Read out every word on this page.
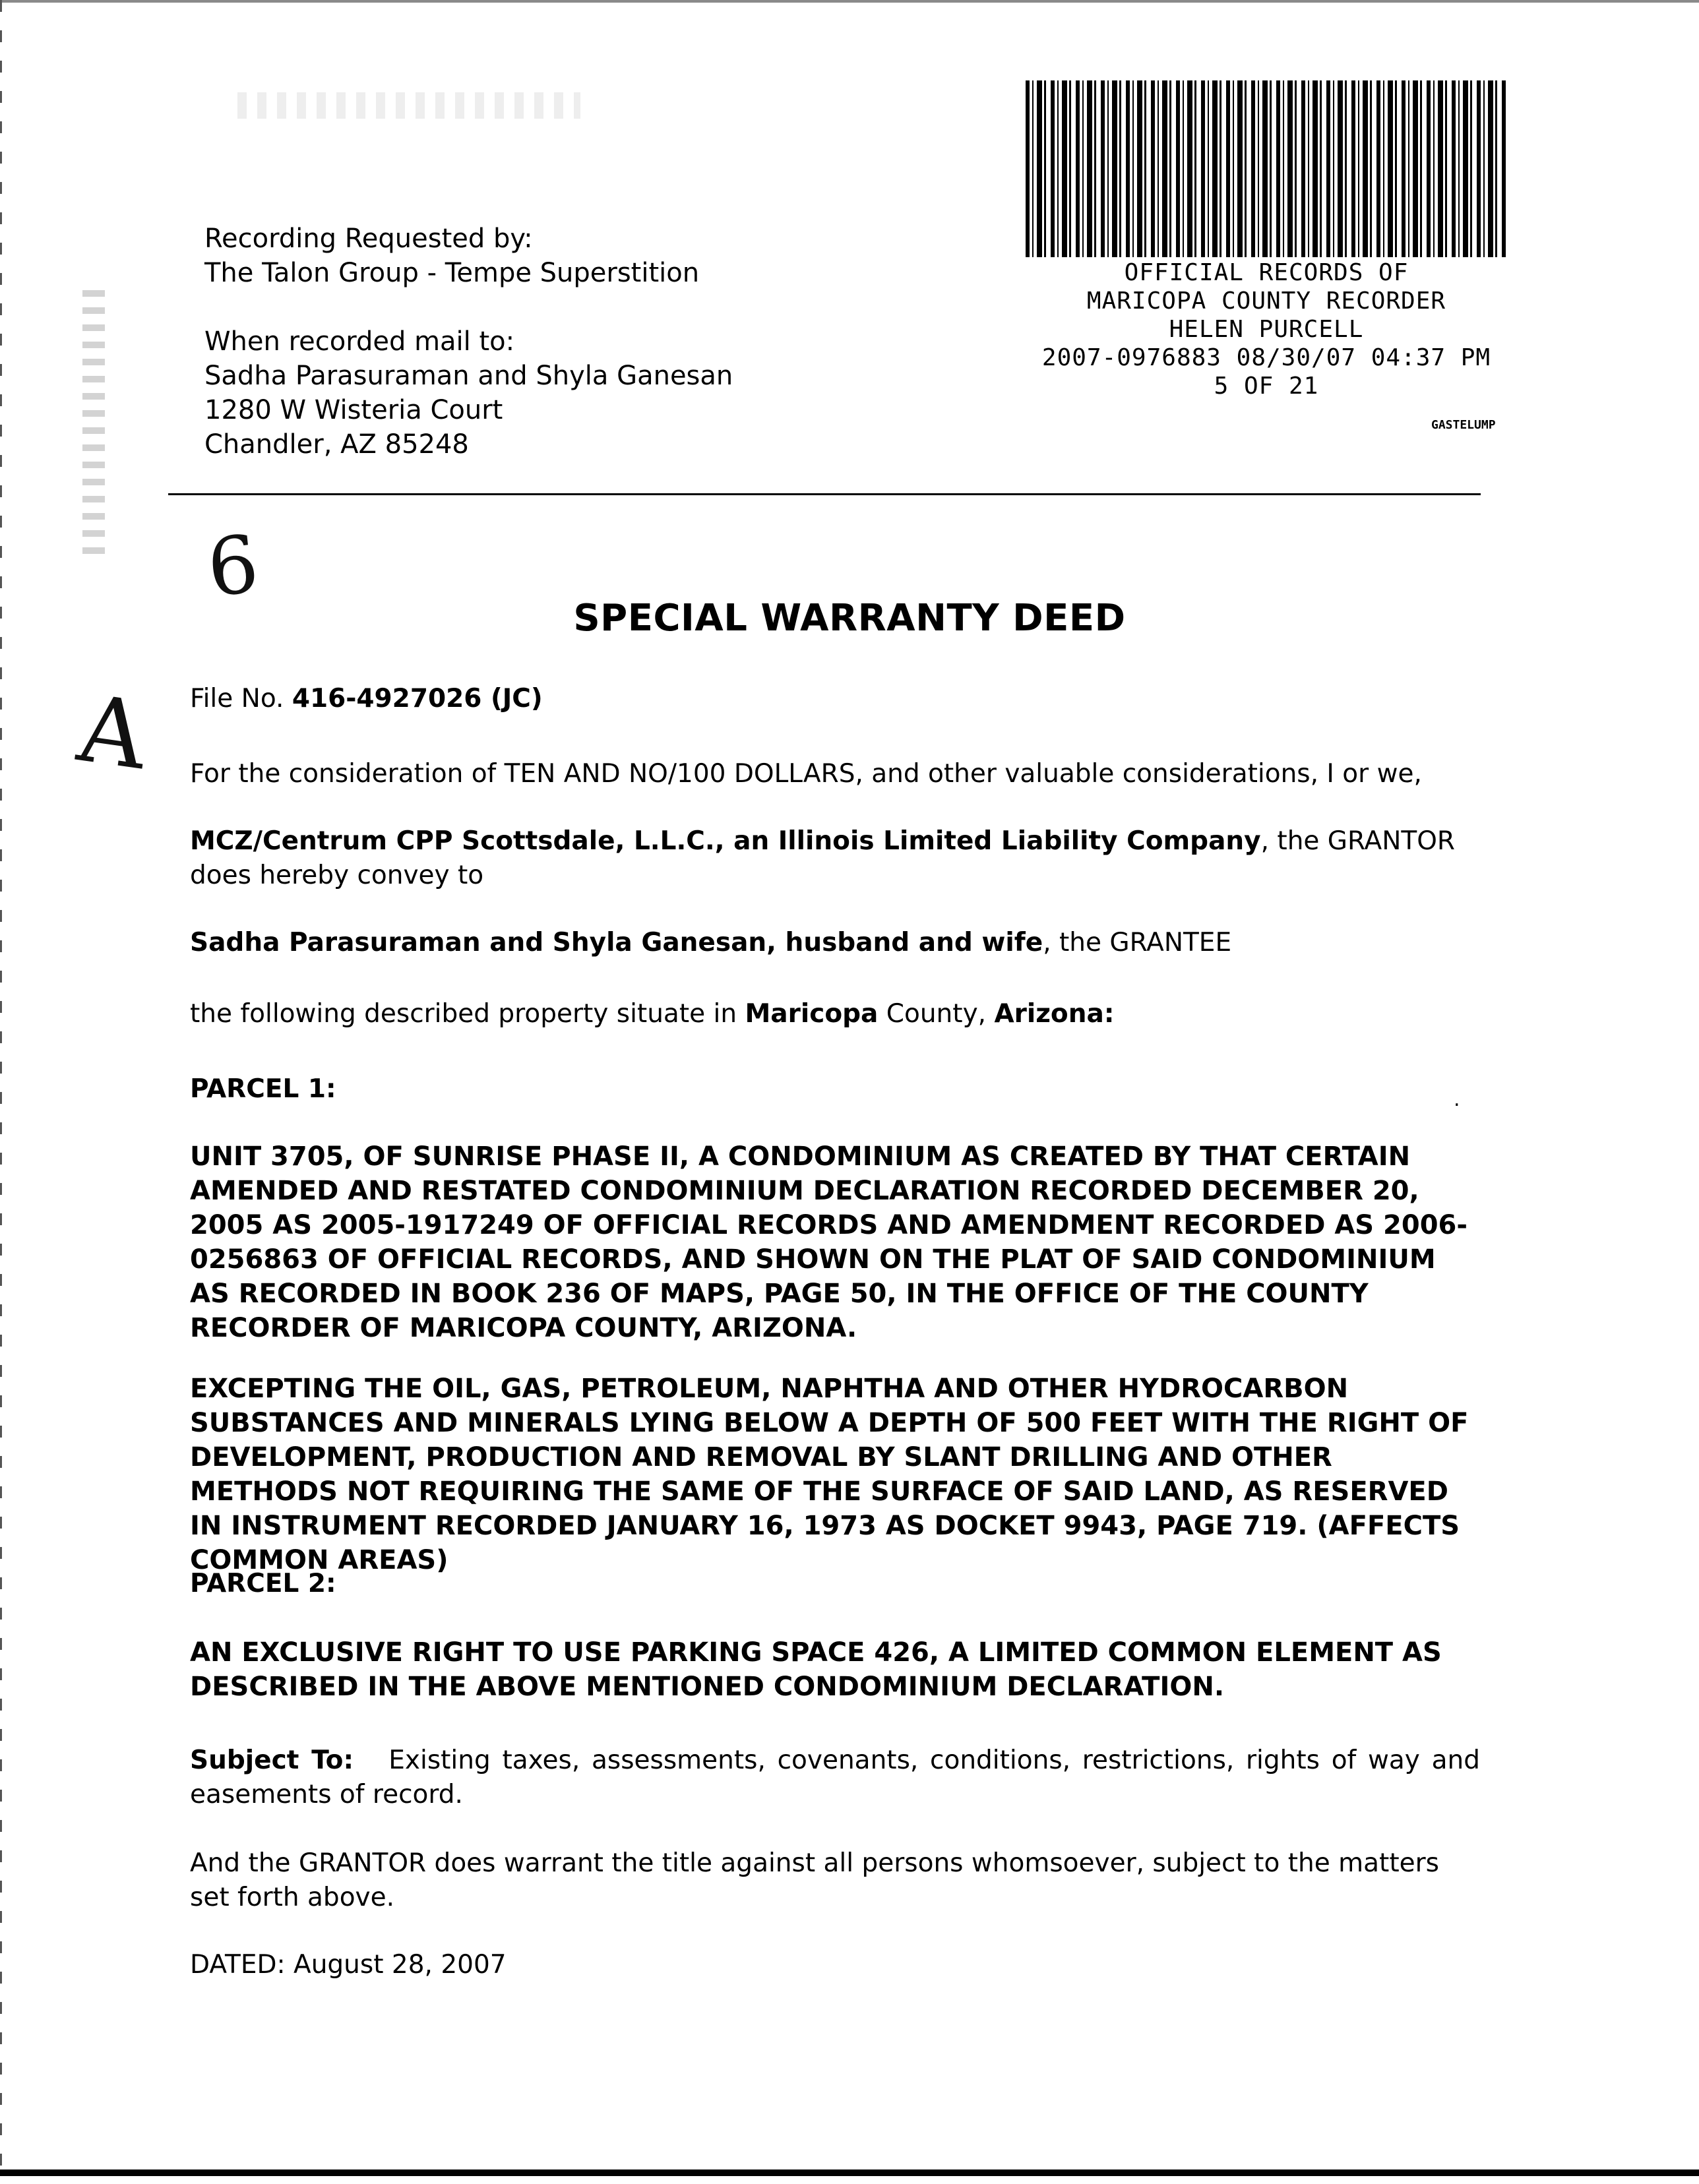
Recording Requested by:
The Talon Group - Tempe Superstition
When recorded mail to:
Sadha Parasuraman and Shyla Ganesan
1280 W Wisteria Court
Chandler, AZ 85248
OFFICIAL RECORDS OF
MARICOPA COUNTY RECORDER
HELEN PURCELL
2007-0976883 08/30/07 04:37 PM
5 OF 21
GASTELUMP
6
A
SPECIAL WARRANTY DEED
File No. 416-4927026 (JC)
For the consideration of TEN AND NO/100 DOLLARS, and other valuable considerations, I or we,
MCZ/Centrum CPP Scottsdale, L.L.C., an Illinois Limited Liability Company, the GRANTOR does hereby convey to
Sadha Parasuraman and Shyla Ganesan, husband and wife, the GRANTEE
the following described property situate in Maricopa County, Arizona:
PARCEL 1:	.
UNIT 3705, OF SUNRISE PHASE II, A CONDOMINIUM AS CREATED BY THAT CERTAIN AMENDED AND RESTATED CONDOMINIUM DECLARATION RECORDED DECEMBER 20, 2005 AS 2005-1917249 OF OFFICIAL RECORDS AND AMENDMENT RECORDED AS 2006-0256863 OF OFFICIAL RECORDS, AND SHOWN ON THE PLAT OF SAID CONDOMINIUM AS RECORDED IN BOOK 236 OF MAPS, PAGE 50, IN THE OFFICE OF THE COUNTY RECORDER OF MARICOPA COUNTY, ARIZONA.
EXCEPTING THE OIL, GAS, PETROLEUM, NAPHTHA AND OTHER HYDROCARBON SUBSTANCES AND MINERALS LYING BELOW A DEPTH OF 500 FEET WITH THE RIGHT OF DEVELOPMENT, PRODUCTION AND REMOVAL BY SLANT DRILLING AND OTHER METHODS NOT REQUIRING THE SAME OF THE SURFACE OF SAID LAND, AS RESERVED IN INSTRUMENT RECORDED JANUARY 16, 1973 AS DOCKET 9943, PAGE 719. (AFFECTS COMMON AREAS)
PARCEL 2:
AN EXCLUSIVE RIGHT TO USE PARKING SPACE 426, A LIMITED COMMON ELEMENT AS DESCRIBED IN THE ABOVE MENTIONED CONDOMINIUM DECLARATION.
Subject To: Existing taxes, assessments, covenants, conditions, restrictions, rights of way and easements of record.
And the GRANTOR does warrant the title against all persons whomsoever, subject to the matters set forth above.
DATED: August 28, 2007
